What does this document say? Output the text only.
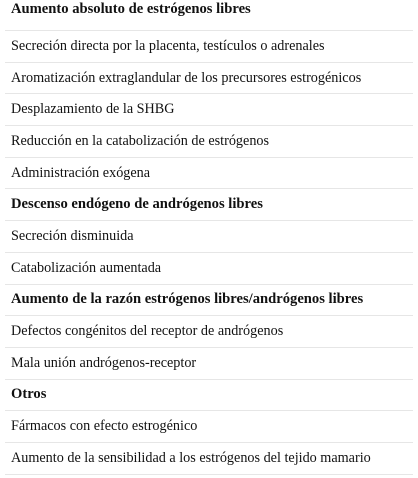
Aumento absoluto de estrógenos libres
Secreción directa por la placenta, testículos o adrenales
Aromatización extraglandular de los precursores estrogénicos
Desplazamiento de la SHBG
Reducción en la catabolización de estrógenos
Administración exógena
Descenso endógeno de andrógenos libres
Secreción disminuida
Catabolización aumentada
Aumento de la razón estrógenos libres/andrógenos libres
Defectos congénitos del receptor de andrógenos
Mala unión andrógenos-receptor
Otros
Fármacos con efecto estrogénico
Aumento de la sensibilidad a los estrógenos del tejido mamario
